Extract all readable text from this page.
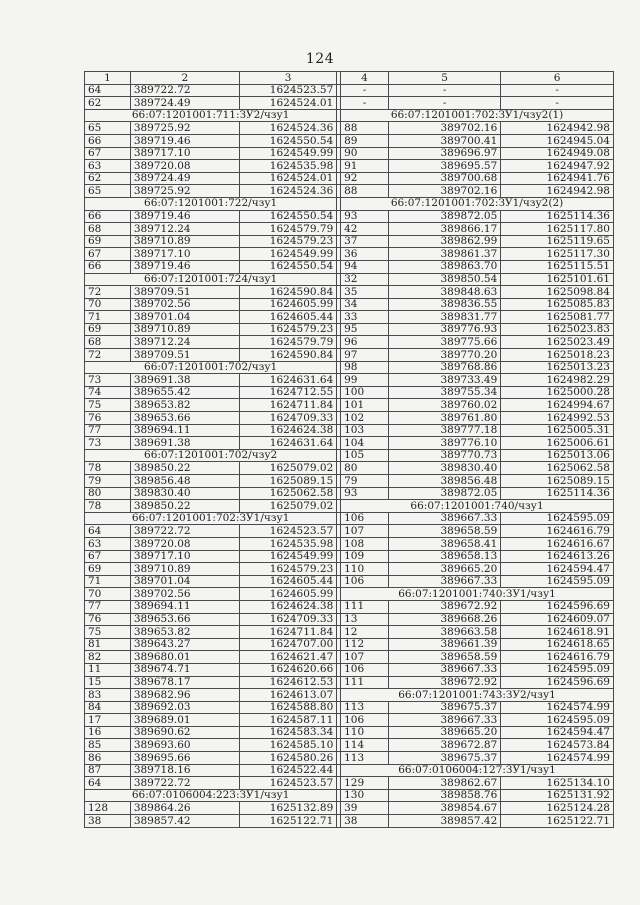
124
1	2	3		4	5	6
64	389722.72	1624523.57		-	-	-
62	389724.49	1624524.01		-	-	-
66:07:1201001:711:ЗУ2/чзу1				66:07:1201001:702:ЗУ1/чзу2(1)		
65	389725.92	1624524.36		88	389702.16	1624942.98
66	389719.46	1624550.54		89	389700.41	1624945.04
67	389717.10	1624549.99		90	389696.97	1624949.08
63	389720.08	1624535.98		91	389695.57	1624947.92
62	389724.49	1624524.01		92	389700.68	1624941.76
65	389725.92	1624524.36		88	389702.16	1624942.98
66:07:1201001:722/чзу1				66:07:1201001:702:ЗУ1/чзу2(2)		
66	389719.46	1624550.54		93	389872.05	1625114.36
68	389712.24	1624579.79		42	389866.17	1625117.80
69	389710.89	1624579.23		37	389862.99	1625119.65
67	389717.10	1624549.99		36	389861.37	1625117.30
66	389719.46	1624550.54		94	389863.70	1625115.51
66:07:1201001:724/чзу1				32	389850.54	1625101.61
72	389709.51	1624590.84		35	389848.63	1625098.84
70	389702.56	1624605.99		34	389836.55	1625085.83
71	389701.04	1624605.44		33	389831.77	1625081.77
69	389710.89	1624579.23		95	389776.93	1625023.83
68	389712.24	1624579.79		96	389775.66	1625023.49
72	389709.51	1624590.84		97	389770.20	1625018.23
66:07:1201001:702/чзу1				98	389768.86	1625013.23
73	389691.38	1624631.64		99	389733.49	1624982.29
74	389655.42	1624712.55		100	389755.34	1625000.28
75	389653.82	1624711.84		101	389760.02	1624994.67
76	389653.66	1624709.33		102	389761.80	1624992.53
77	389694.11	1624624.38		103	389777.18	1625005.31
73	389691.38	1624631.64		104	389776.10	1625006.61
66:07:1201001:702/чзу2				105	389770.73	1625013.06
78	389850.22	1625079.02		80	389830.40	1625062.58
79	389856.48	1625089.15		79	389856.48	1625089.15
80	389830.40	1625062.58		93	389872.05	1625114.36
78	389850.22	1625079.02		66:07:1201001:740/чзу1		
66:07:1201001:702:ЗУ1/чзу1				106	389667.33	1624595.09
64	389722.72	1624523.57		107	389658.59	1624616.79
63	389720.08	1624535.98		108	389658.41	1624616.67
67	389717.10	1624549.99		109	389658.13	1624613.26
69	389710.89	1624579.23		110	389665.20	1624594.47
71	389701.04	1624605.44		106	389667.33	1624595.09
70	389702.56	1624605.99		66:07:1201001:740:ЗУ1/чзу1		
77	389694.11	1624624.38		111	389672.92	1624596.69
76	389653.66	1624709.33		13	389668.26	1624609.07
75	389653.82	1624711.84		12	389663.58	1624618.91
81	389643.27	1624707.00		112	389661.39	1624618.65
82	389680.01	1624621.47		107	389658.59	1624616.79
11	389674.71	1624620.66		106	389667.33	1624595.09
15	389678.17	1624612.53		111	389672.92	1624596.69
83	389682.96	1624613.07		66:07:1201001:743:ЗУ2/чзу1		
84	389692.03	1624588.80		113	389675.37	1624574.99
17	389689.01	1624587.11		106	389667.33	1624595.09
16	389690.62	1624583.34		110	389665.20	1624594.47
85	389693.60	1624585.10		114	389672.87	1624573.84
86	389695.66	1624580.26		113	389675.37	1624574.99
87	389718.16	1624522.44		66:07:0106004:127:ЗУ1/чзу1		
64	389722.72	1624523.57		129	389862.67	1625134.10
66:07:0106004:223:ЗУ1/чзу1				130	389858.76	1625131.92
128	389864.26	1625132.89		39	389854.67	1625124.28
38	389857.42	1625122.71		38	389857.42	1625122.71
